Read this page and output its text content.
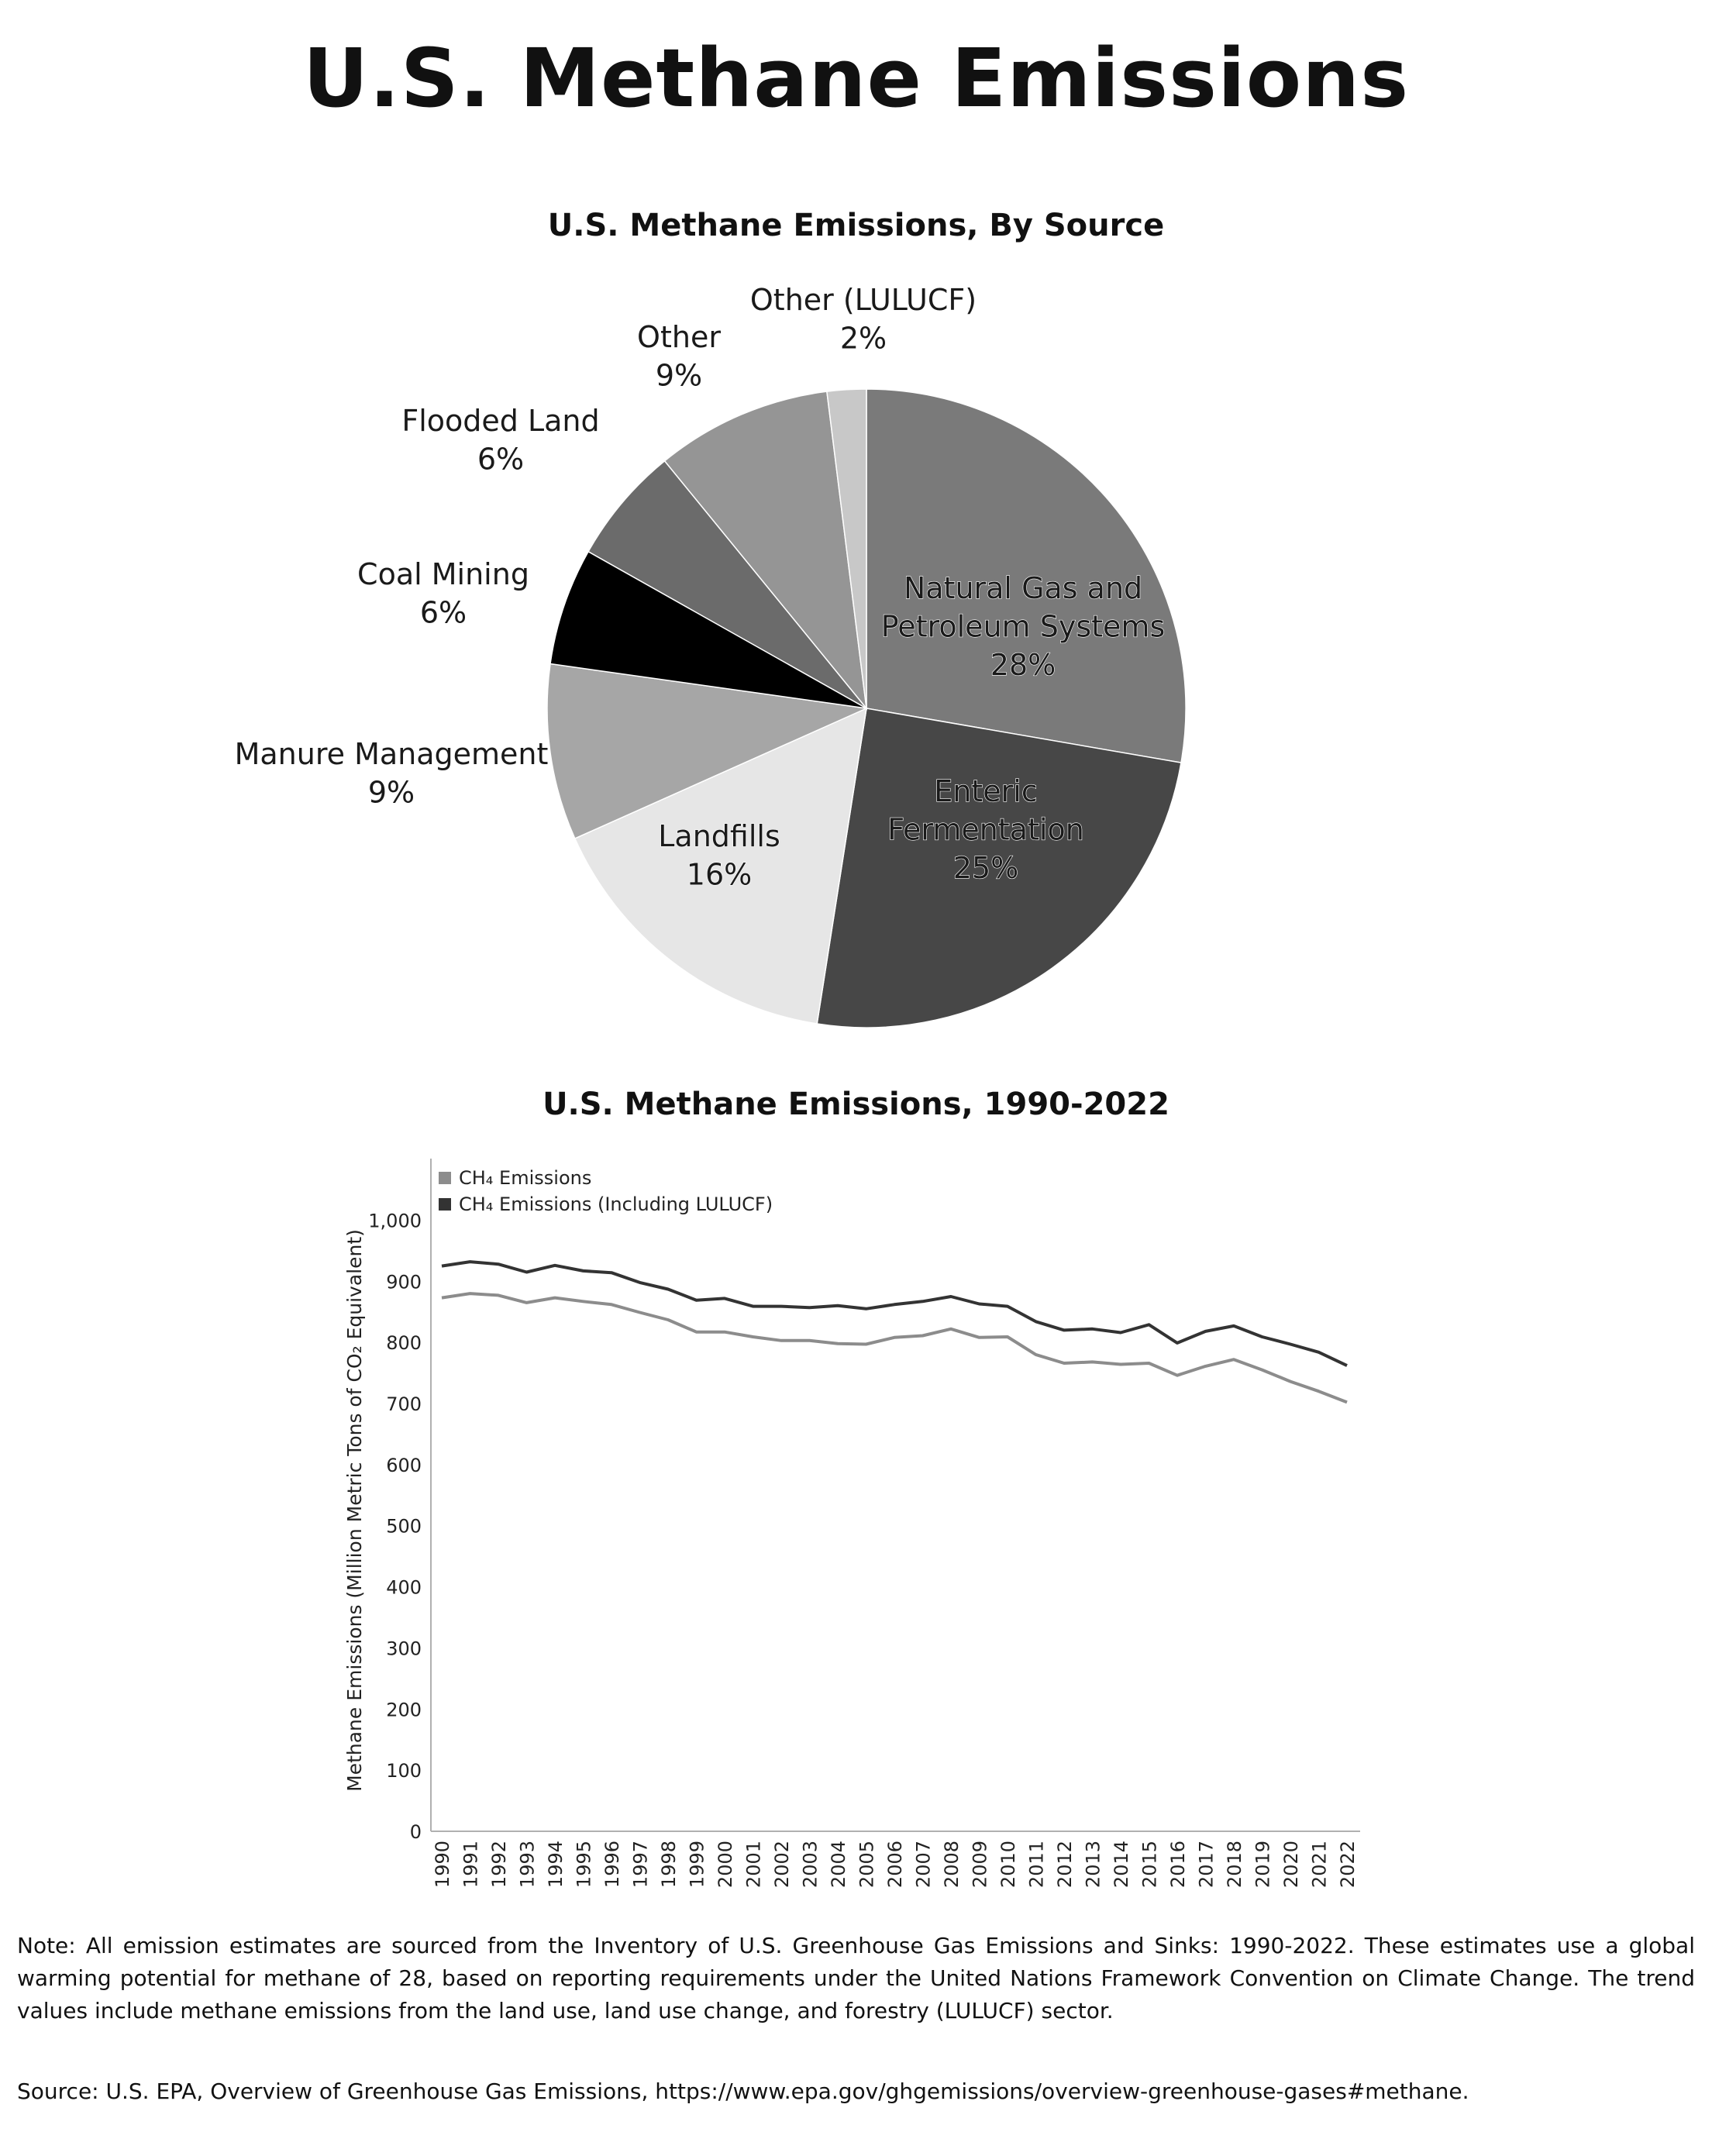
U.S. Methane Emissions
U.S. Methane Emissions, By Source
Natural Gas and Petroleum Systems 28%
Enteric Fermentation 25%
Landfills 16%
Manure Management 9%
Coal Mining 6%
Flooded Land 6%
Other 9%
Other (LULUCF) 2%
U.S. Methane Emissions, 1990-2022
0
100
200
300
400
500
600
700
800
900
1,000
1990 1991 1992 1993 1994 1995 1996 1997 1998 1999 2000 2001 2002 2003 2004 2005 2006 2007 2008 2009 2010 2011 2012 2013 2014 2015 2016 2017 2018 2019 2020 2021 2022
Methane Emissions (Million Metric Tons of CO₂ Equivalent)
CH₄ Emissions
CH₄ Emissions (Including LULUCF)
Note: All emission estimates are sourced from the Inventory of U.S. Greenhouse Gas Emissions and Sinks: 1990-2022. These estimates use a global warming potential for methane of 28, based on reporting requirements under the United Nations Framework Convention on Climate Change. The trend values include methane emissions from the land use, land use change, and forestry (LULUCF) sector.
Source: U.S. EPA, Overview of Greenhouse Gas Emissions, https://www.epa.gov/ghgemissions/overview-greenhouse-gases#methane.
